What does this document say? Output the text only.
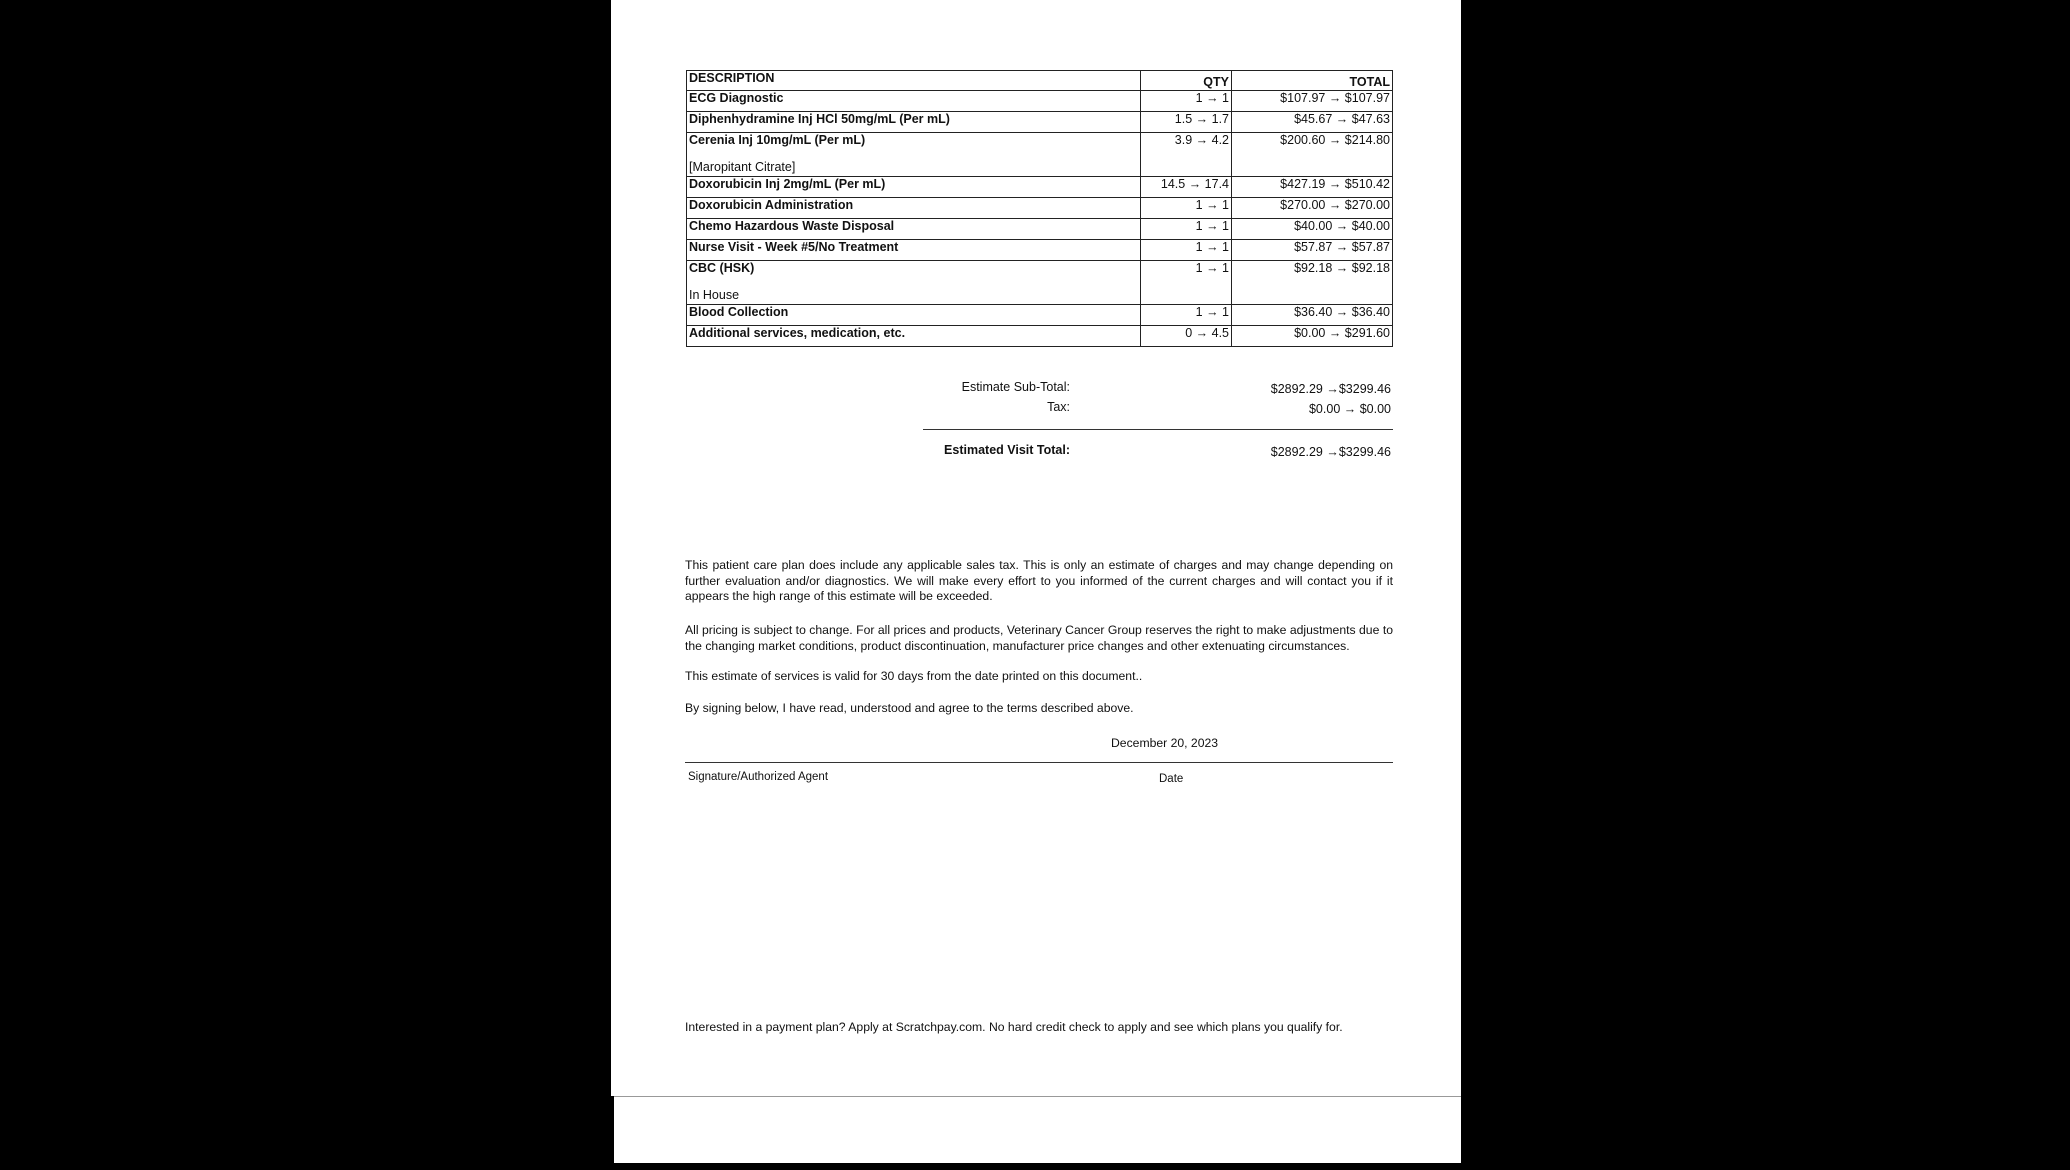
DESCRIPTION	QTY	TOTAL

ECG Diagnostic	1 → 1	$107.97 → $107.97

Diphenhydramine Inj HCl 50mg/mL (Per mL)	1.5 → 1.7	$45.67 → $47.63

Cerenia Inj 10mg/mL (Per mL)
[Maropitant Citrate]	3.9 → 4.2	$200.60 → $214.80

Doxorubicin Inj 2mg/mL (Per mL)	14.5 → 17.4	$427.19 → $510.42

Doxorubicin Administration	1 → 1	$270.00 → $270.00

Chemo Hazardous Waste Disposal	1 → 1	$40.00 → $40.00

Nurse Visit - Week #5/No Treatment	1 → 1	$57.87 → $57.87

CBC (HSK)
In House	1 → 1	$92.18 → $92.18

Blood Collection	1 → 1	$36.40 → $36.40

Additional services, medication, etc.	0 → 4.5	$0.00 → $291.60
Estimate Sub-Total:	$2892.29 →$3299.46
Tax:	$0.00 → $0.00
Estimated Visit Total:	$2892.29 →$3299.46
This patient care plan does include any applicable sales tax. This is only an estimate of charges and may change depending on further evaluation and/or diagnostics. We will make every effort to you informed of the current charges and will contact you if it appears the high range of this estimate will be exceeded.
All pricing is subject to change. For all prices and products, Veterinary Cancer Group reserves the right to make adjustments due to the changing market conditions, product discontinuation, manufacturer price changes and other extenuating circumstances.
This estimate of services is valid for 30 days from the date printed on this document..
By signing below, I have read, understood and agree to the terms described above.
December 20, 2023
Signature/Authorized Agent	Date
Interested in a payment plan? Apply at Scratchpay.com. No hard credit check to apply and see which plans you qualify for.
